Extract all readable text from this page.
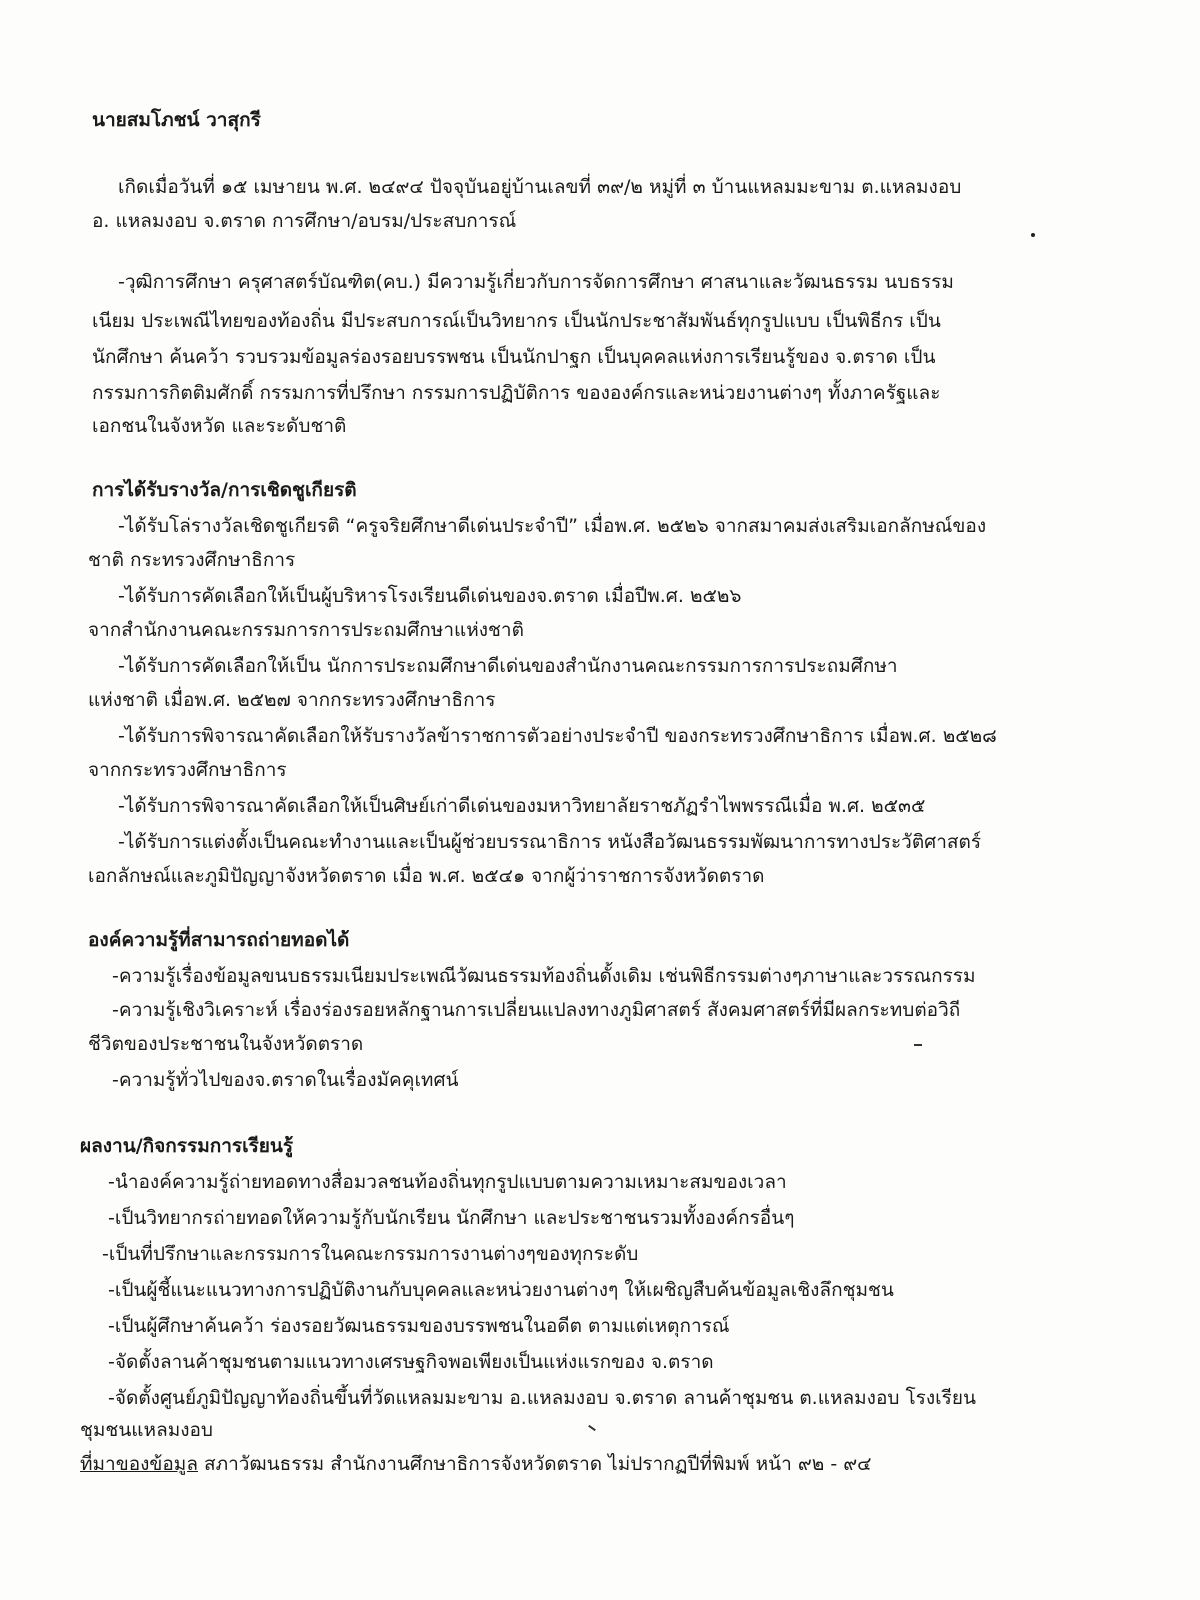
นายสมโภชน์ วาสุกรี
เกิดเมื่อวันที่ ๑๕ เมษายน พ.ศ. ๒๔๙๔ ปัจจุบันอยู่บ้านเลขที่ ๓๙/๒ หมู่ที่ ๓ บ้านแหลมมะขาม ต.แหลมงอบ
อ. แหลมงอบ จ.ตราด การศึกษา/อบรม/ประสบการณ์
-วุฒิการศึกษา ครุศาสตร์บัณฑิต(คบ.) มีความรู้เกี่ยวกับการจัดการศึกษา ศาสนาและวัฒนธรรม นบธรรม
เนียม ประเพณีไทยของท้องถิ่น มีประสบการณ์เป็นวิทยากร เป็นนักประชาสัมพันธ์ทุกรูปแบบ เป็นพิธีกร เป็น
นักศึกษา ค้นคว้า รวบรวมข้อมูลร่องรอยบรรพชน เป็นนักปาฐก เป็นบุคคลแห่งการเรียนรู้ของ จ.ตราด เป็น
กรรมการกิตติมศักดิ์ กรรมการที่ปรึกษา กรรมการปฏิบัติการ ขององค์กรและหน่วยงานต่างๆ ทั้งภาครัฐและ
เอกชนในจังหวัด และระดับชาติ
การได้รับรางวัล/การเชิดชูเกียรติ
-ได้รับโล่รางวัลเชิดชูเกียรติ “ครูจริยศึกษาดีเด่นประจำปี” เมื่อพ.ศ. ๒๕๒๖ จากสมาคมส่งเสริมเอกลักษณ์ของ
ชาติ กระทรวงศึกษาธิการ
-ได้รับการคัดเลือกให้เป็นผู้บริหารโรงเรียนดีเด่นของจ.ตราด เมื่อปีพ.ศ. ๒๕๒๖
จากสำนักงานคณะกรรมการการประถมศึกษาแห่งชาติ
-ได้รับการคัดเลือกให้เป็น นักการประถมศึกษาดีเด่นของสำนักงานคณะกรรมการการประถมศึกษา
แห่งชาติ เมื่อพ.ศ. ๒๕๒๗ จากกระทรวงศึกษาธิการ
-ได้รับการพิจารณาคัดเลือกให้รับรางวัลข้าราชการตัวอย่างประจำปี ของกระทรวงศึกษาธิการ เมื่อพ.ศ. ๒๕๒๘
จากกระทรวงศึกษาธิการ
-ได้รับการพิจารณาคัดเลือกให้เป็นศิษย์เก่าดีเด่นของมหาวิทยาลัยราชภัฏรำไพพรรณีเมื่อ พ.ศ. ๒๕๓๕
-ได้รับการแต่งตั้งเป็นคณะทำงานและเป็นผู้ช่วยบรรณาธิการ หนังสือวัฒนธรรมพัฒนาการทางประวัติศาสตร์
เอกลักษณ์และภูมิปัญญาจังหวัดตราด เมื่อ พ.ศ. ๒๕๔๑ จากผู้ว่าราชการจังหวัดตราด
องค์ความรู้ที่สามารถถ่ายทอดได้
-ความรู้เรื่องข้อมูลขนบธรรมเนียมประเพณีวัฒนธรรมท้องถิ่นดั้งเดิม เช่นพิธีกรรมต่างๆภาษาและวรรณกรรม
-ความรู้เชิงวิเคราะห์ เรื่องร่องรอยหลักฐานการเปลี่ยนแปลงทางภูมิศาสตร์ สังคมศาสตร์ที่มีผลกระทบต่อวิถี
ชีวิตของประชาชนในจังหวัดตราด
-ความรู้ทั่วไปของจ.ตราดในเรื่องมัคคุเทศน์
ผลงาน/กิจกรรมการเรียนรู้
-นำองค์ความรู้ถ่ายทอดทางสื่อมวลชนท้องถิ่นทุกรูปแบบตามความเหมาะสมของเวลา
-เป็นวิทยากรถ่ายทอดให้ความรู้กับนักเรียน นักศึกษา และประชาชนรวมทั้งองค์กรอื่นๆ
-เป็นที่ปรึกษาและกรรมการในคณะกรรมการงานต่างๆของทุกระดับ
-เป็นผู้ชี้แนะแนวทางการปฏิบัติงานกับบุคคลและหน่วยงานต่างๆ ให้เผชิญสืบค้นข้อมูลเชิงลึกชุมชน
-เป็นผู้ศึกษาค้นคว้า ร่องรอยวัฒนธรรมของบรรพชนในอดีต ตามแต่เหตุการณ์
-จัดตั้งลานค้าชุมชนตามแนวทางเศรษฐกิจพอเพียงเป็นแห่งแรกของ จ.ตราด
-จัดตั้งศูนย์ภูมิปัญญาท้องถิ่นขึ้นที่วัดแหลมมะขาม อ.แหลมงอบ จ.ตราด ลานค้าชุมชน ต.แหลมงอบ โรงเรียน
ชุมชนแหลมงอบ
ที่มาของข้อมูล สภาวัฒนธรรม สำนักงานศึกษาธิการจังหวัดตราด ไม่ปรากฏปีที่พิมพ์ หน้า ๙๒ - ๙๔
